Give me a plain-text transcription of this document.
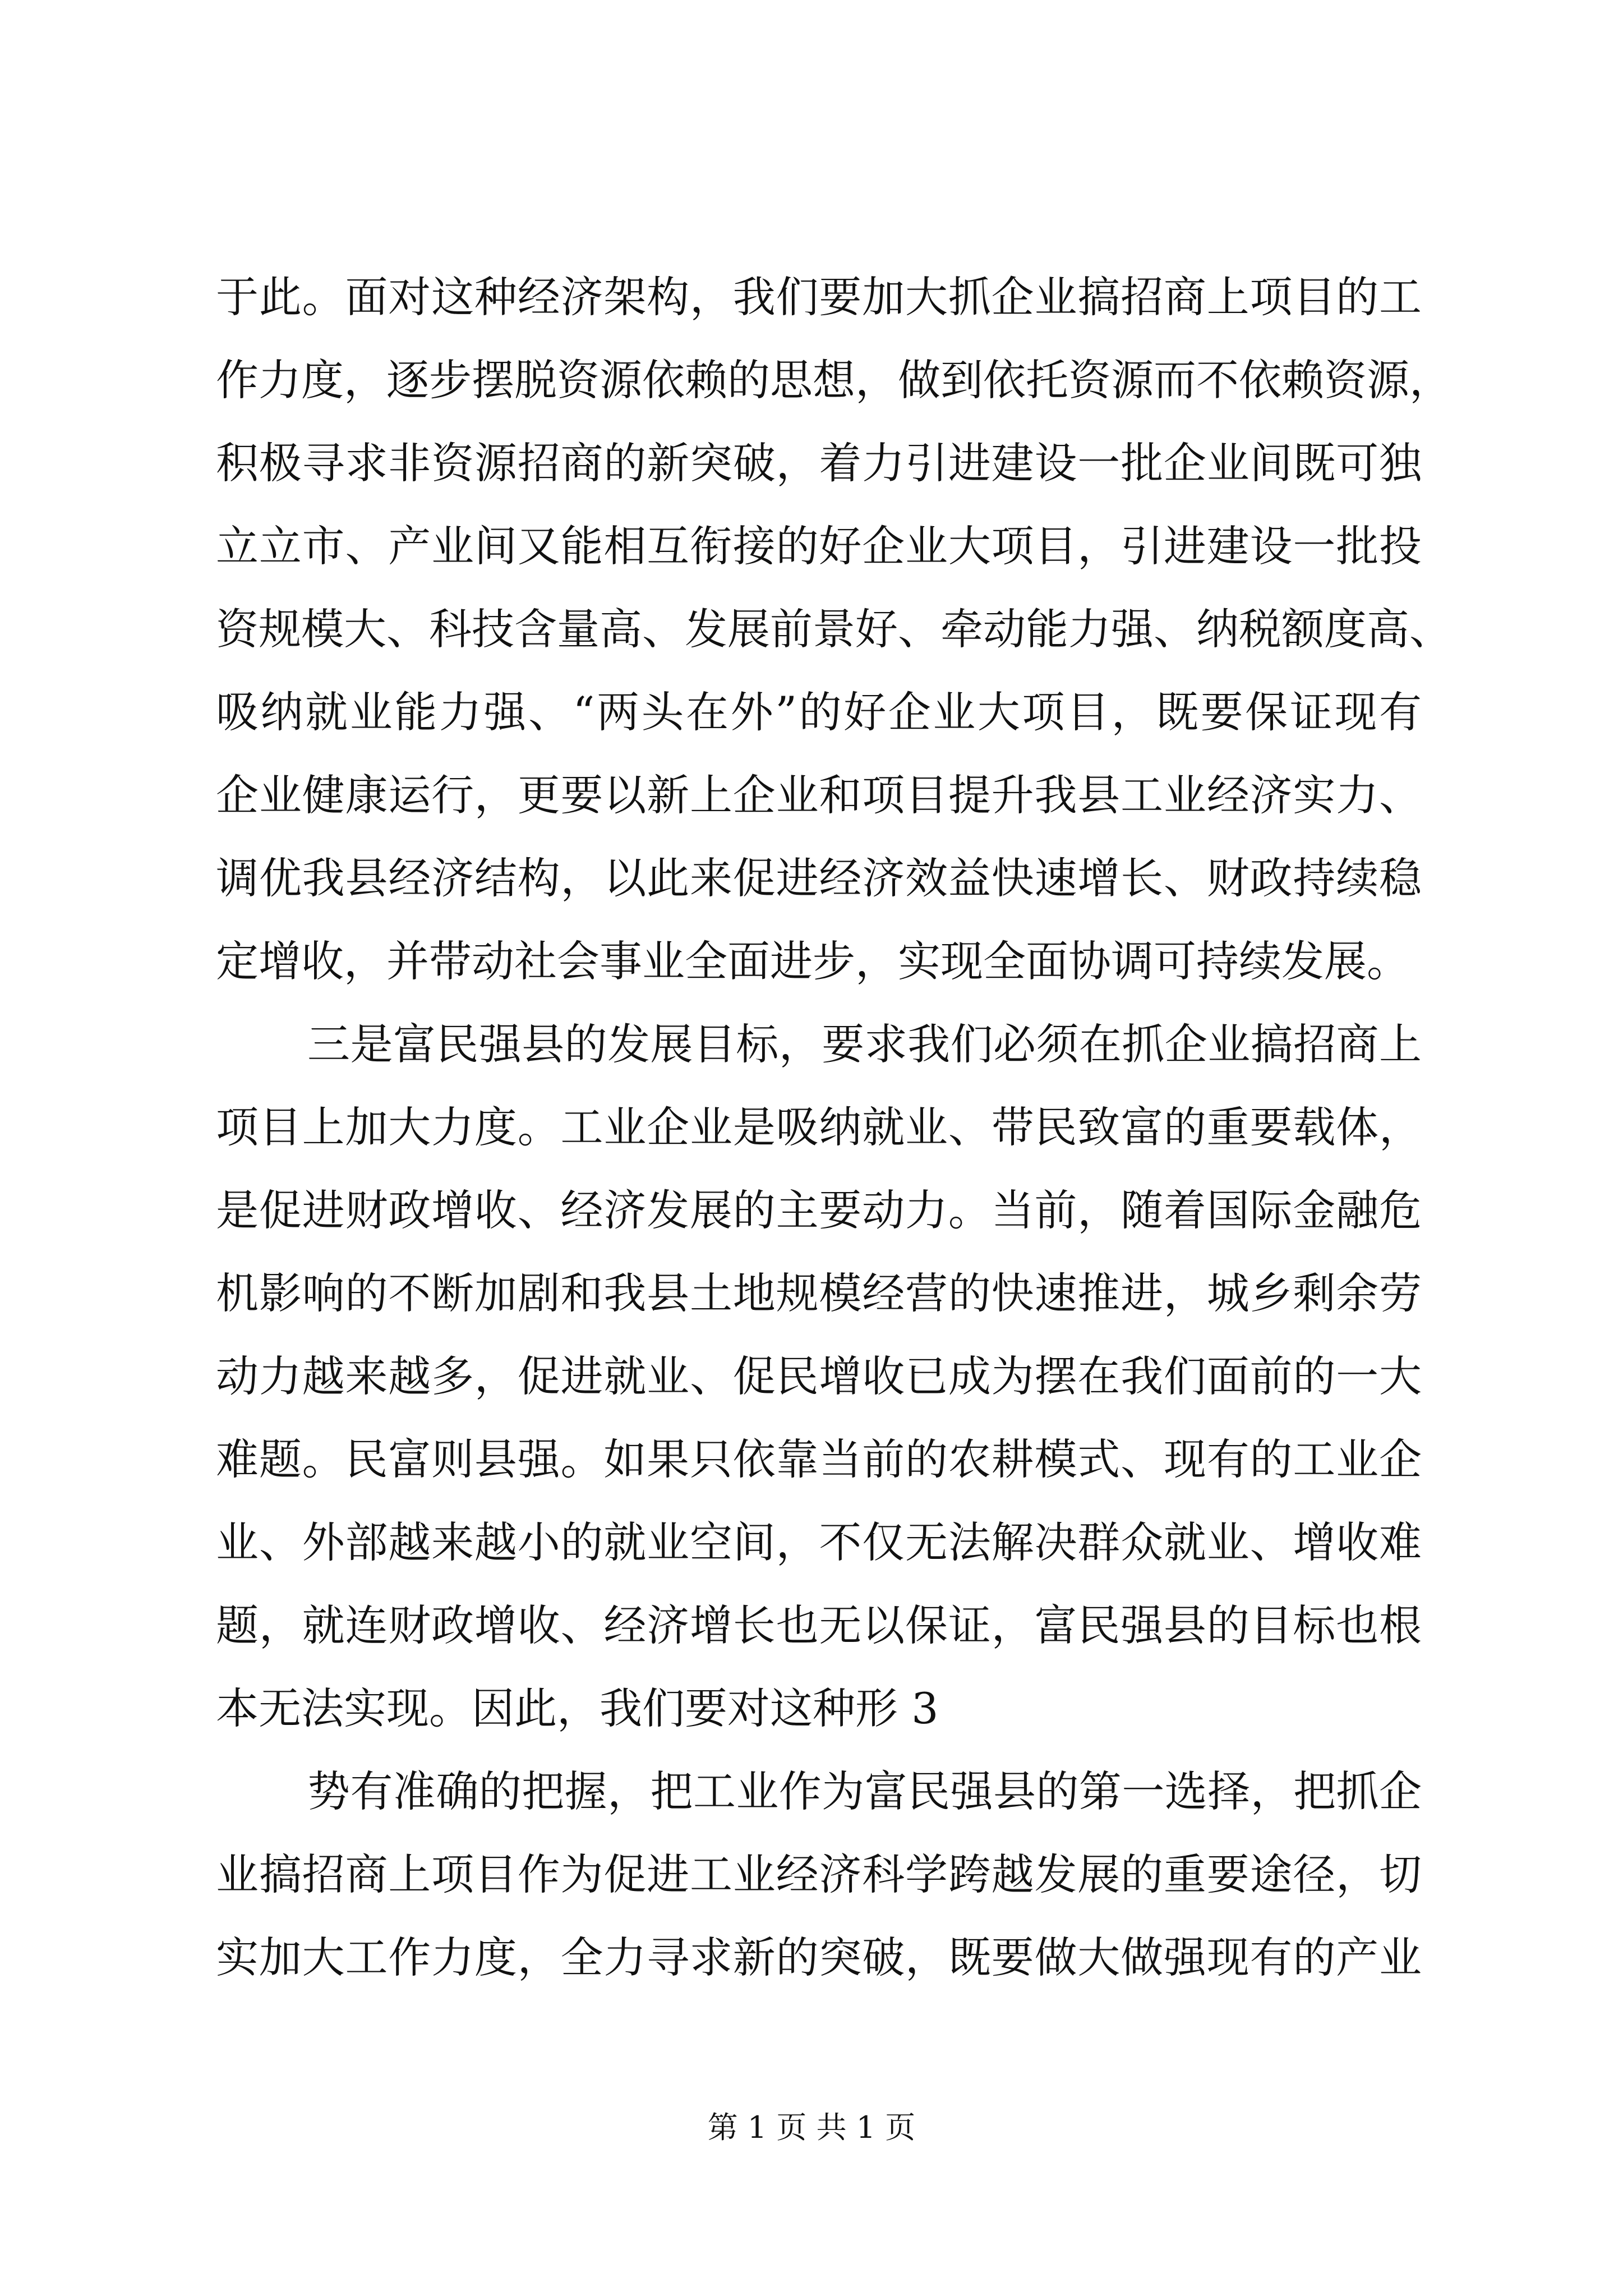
于此。面对这种经济架构，我们要加大抓企业搞招商上项目的工
作力度，逐步摆脱资源依赖的思想，做到依托资源而不依赖资源，
积极寻求非资源招商的新突破，着力引进建设一批企业间既可独
立立市、产业间又能相互衔接的好企业大项目，引进建设一批投
资规模大、科技含量高、发展前景好、牵动能力强、纳税额度高、
吸纳就业能力强、“两头在外”的好企业大项目，既要保证现有
企业健康运行，更要以新上企业和项目提升我县工业经济实力、
调优我县经济结构，以此来促进经济效益快速增长、财政持续稳
定增收，并带动社会事业全面进步，实现全面协调可持续发展。
三是富民强县的发展目标，要求我们必须在抓企业搞招商上
项目上加大力度。工业企业是吸纳就业、带民致富的重要载体，
是促进财政增收、经济发展的主要动力。当前，随着国际金融危
机影响的不断加剧和我县土地规模经营的快速推进，城乡剩余劳
动力越来越多，促进就业、促民增收已成为摆在我们面前的一大
难题。民富则县强。如果只依靠当前的农耕模式、现有的工业企
业、外部越来越小的就业空间，不仅无法解决群众就业、增收难
题，就连财政增收、经济增长也无以保证，富民强县的目标也根
本无法实现。因此，我们要对这种形 3
势有准确的把握，把工业作为富民强县的第一选择，把抓企
业搞招商上项目作为促进工业经济科学跨越发展的重要途径，切
实加大工作力度，全力寻求新的突破，既要做大做强现有的产业
第 1 页 共 1 页
